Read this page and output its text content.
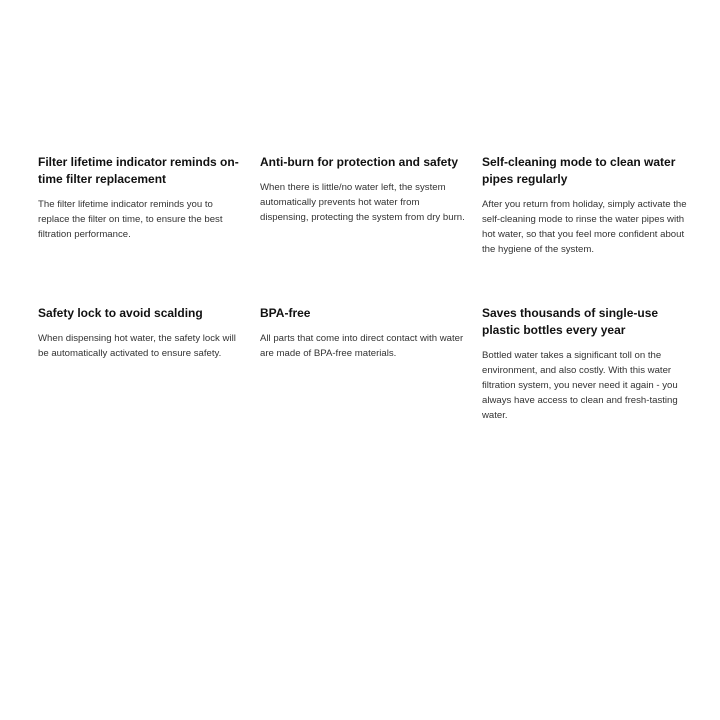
Filter lifetime indicator reminds on-time filter replacement

The filter lifetime indicator reminds you to replace the filter on time, to ensure the best filtration performance.

Anti-burn for protection and safety

When there is little/no water left, the system automatically prevents hot water from dispensing, protecting the system from dry burn.

Self-cleaning mode to clean water pipes regularly

After you return from holiday, simply activate the self-cleaning mode to rinse the water pipes with hot water, so that you feel more confident about the hygiene of the system.

Safety lock to avoid scalding

When dispensing hot water, the safety lock will be automatically activated to ensure safety.

BPA-free

All parts that come into direct contact with water are made of BPA-free materials.

Saves thousands of single-use plastic bottles every year

Bottled water takes a significant toll on the environment, and also costly. With this water filtration system, you never need it again - you always have access to clean and fresh-tasting water.
